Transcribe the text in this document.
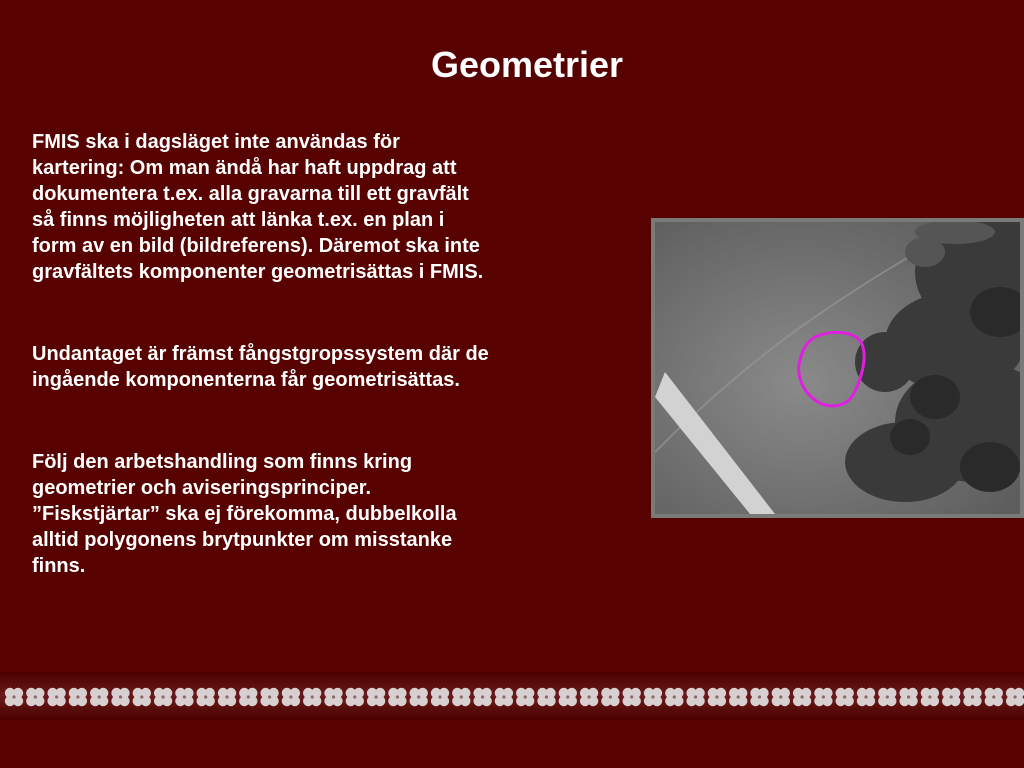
Geometrier

FMIS ska i dagsläget inte användas för
kartering: Om man ändå har haft uppdrag att
dokumentera t.ex. alla gravarna till ett gravfält
så finns möjligheten att länka t.ex. en plan i
form av en bild (bildreferens). Däremot ska inte
gravfältets komponenter geometrisättas i FMIS.

Undantaget är främst fångstgropssystem där de
ingående komponenterna får geometrisättas.

Följ den arbetshandling som finns kring
geometrier och aviseringsprinciper.
”Fiskstjärtar” ska ej förekomma, dubbelkolla
alltid polygonens brytpunkter om misstanke
finns.
